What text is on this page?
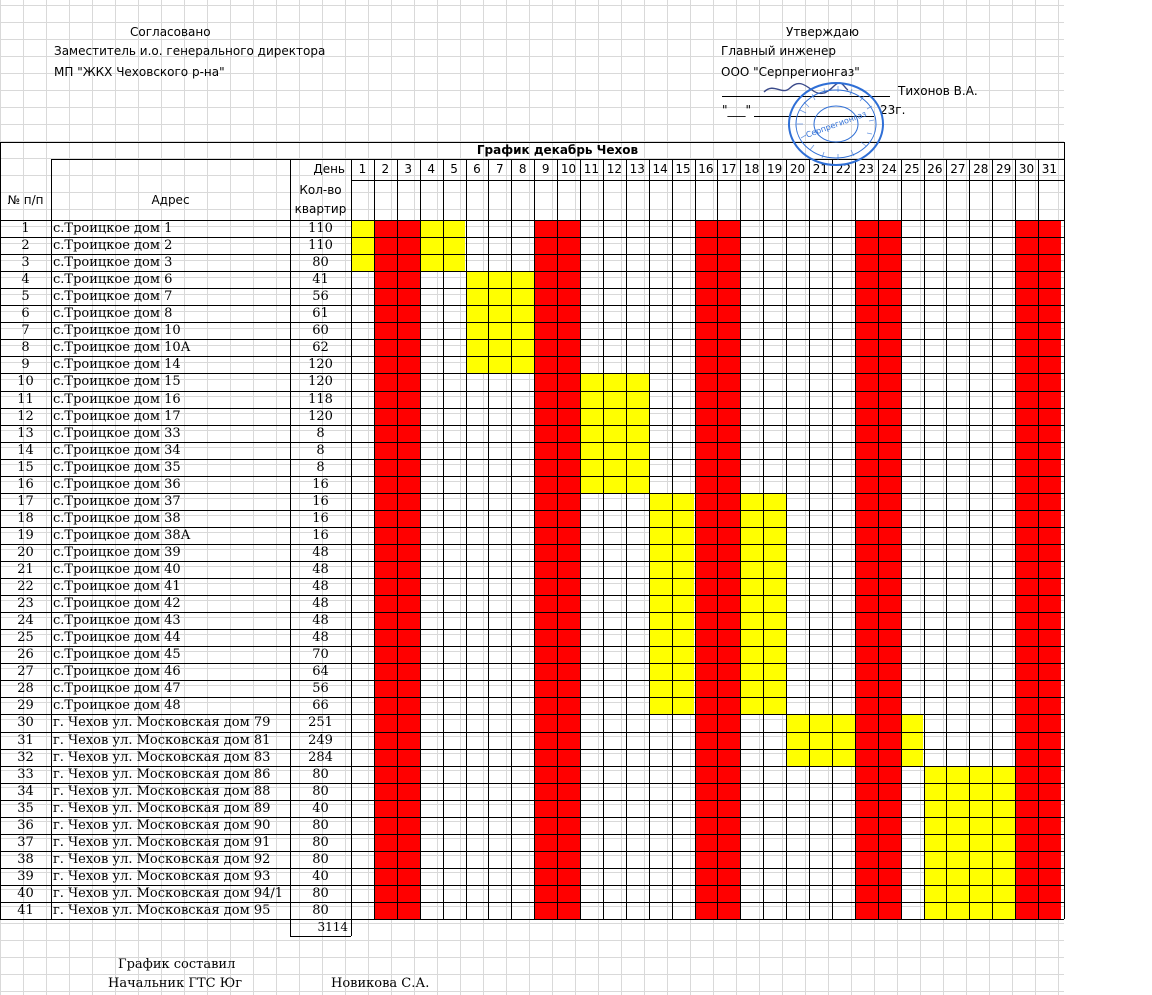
Согласовано
Заместитель и.о. генерального директора
МП "ЖКХ Чеховского р-на"
Утверждаю
Главный инженер
ООО "Серпрегионгаз"
Тихонов В.А.
"___"	23г.
График декабрь Чехов
День
№ п/п	Адрес
Кол-во
квартир
1	2	3	4	5	6	7	8	9 10 11 12 13 14 15 16 17 18 19 20 21 22 23 24 25 26 27 28 29 30 31
1	с.Троицкое дом 1	110
2	с.Троицкое дом 2	110
3	с.Троицкое дом 3	80
4	с.Троицкое дом 6	41
5	с.Троицкое дом 7	56
6	с.Троицкое дом 8	61
7	с.Троицкое дом 10	60
8	с.Троицкое дом 10А	62
9	с.Троицкое дом 14	120
10	с.Троицкое дом 15	120
11	с.Троицкое дом 16	118
12	с.Троицкое дом 17	120
13	с.Троицкое дом 33	8
14	с.Троицкое дом 34	8
15	с.Троицкое дом 35	8
16	с.Троицкое дом 36	16
17	с.Троицкое дом 37	16
18	с.Троицкое дом 38	16
19	с.Троицкое дом 38А	16
20	с.Троицкое дом 39	48
21	с.Троицкое дом 40	48
22	с.Троицкое дом 41	48
23	с.Троицкое дом 42	48
24	с.Троицкое дом 43	48
25	с.Троицкое дом 44	48
26	с.Троицкое дом 45	70
27	с.Троицкое дом 46	64
28	с.Троицкое дом 47	56
29	с.Троицкое дом 48	66
30	г. Чехов ул. Московская дом 79	251
31	г. Чехов ул. Московская дом 81	249
32	г. Чехов ул. Московская дом 83	284
33	г. Чехов ул. Московская дом 86	80
34	г. Чехов ул. Московская дом 88	80
35	г. Чехов ул. Московская дом 89	40
36	г. Чехов ул. Московская дом 90	80
37	г. Чехов ул. Московская дом 91	80
38	г. Чехов ул. Московская дом 92	80
39	г. Чехов ул. Московская дом 93	40
40	г. Чехов ул. Московская дом 94/1	80
41	г. Чехов ул. Московская дом 95	80
3114
График составил
Начальник ГТС Юг	Новикова С.А.
Серпрегионгаз
